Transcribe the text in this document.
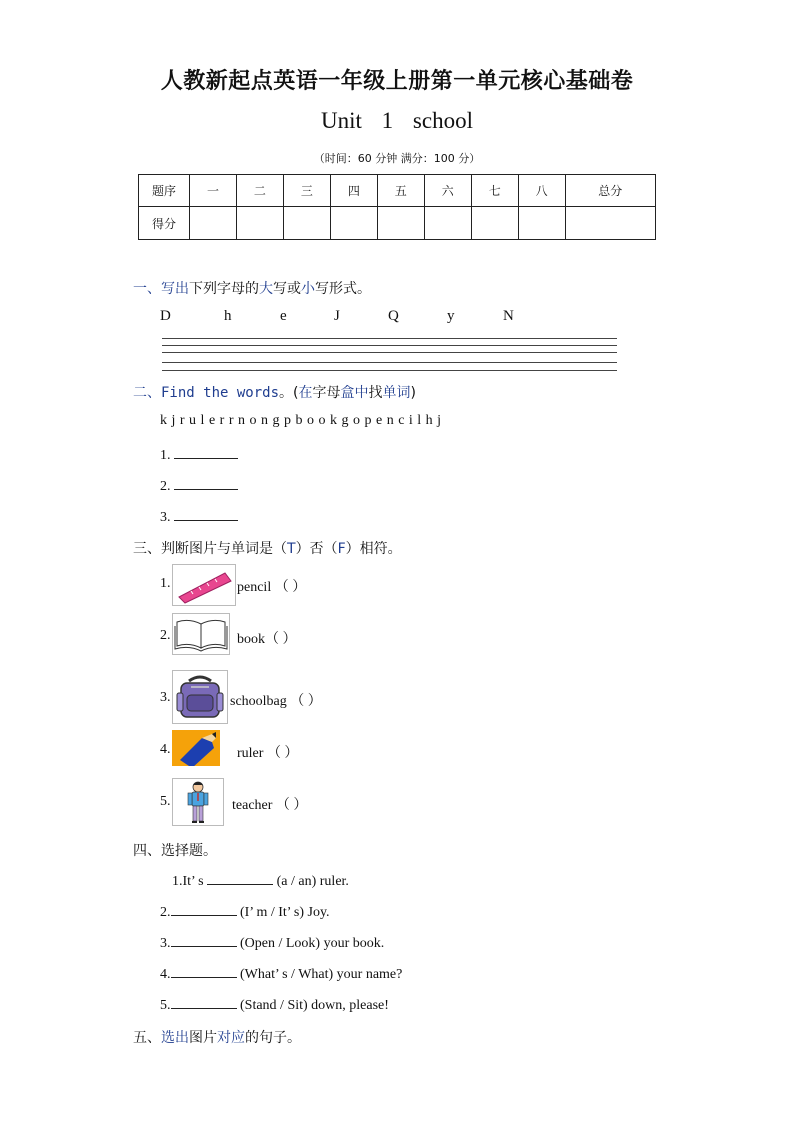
人教新起点英语一年级上册第一单元核心基础卷
Unit 1 school
（时间：60 分钟 满分：100 分）
题序	一	二	三	四	五	六	七	八	总分
得分									
一、写出下列字母的大写或小写形式。
D	h	e	J	Q	y	N
二、Find the words。(在字母盒中找单词)
k j r u l e r r n o n g p b o o k g o p e n c i l h j
1.
2.
3.
三、判断图片与单词是（T）否（F）相符。
1.	pencil （ ）
2.	book（ ）
3.	schoolbag （ ）
4.	ruler （ ）
5.	teacher （ ）
四、选择题。
1.It’ s	(a / an) ruler.
2.	(I’ m / It’ s) Joy.
3.	(Open / Look) your book.
4.	(What’ s / What) your name?
5.	(Stand / Sit) down, please!
五、选出图片对应的句子。
